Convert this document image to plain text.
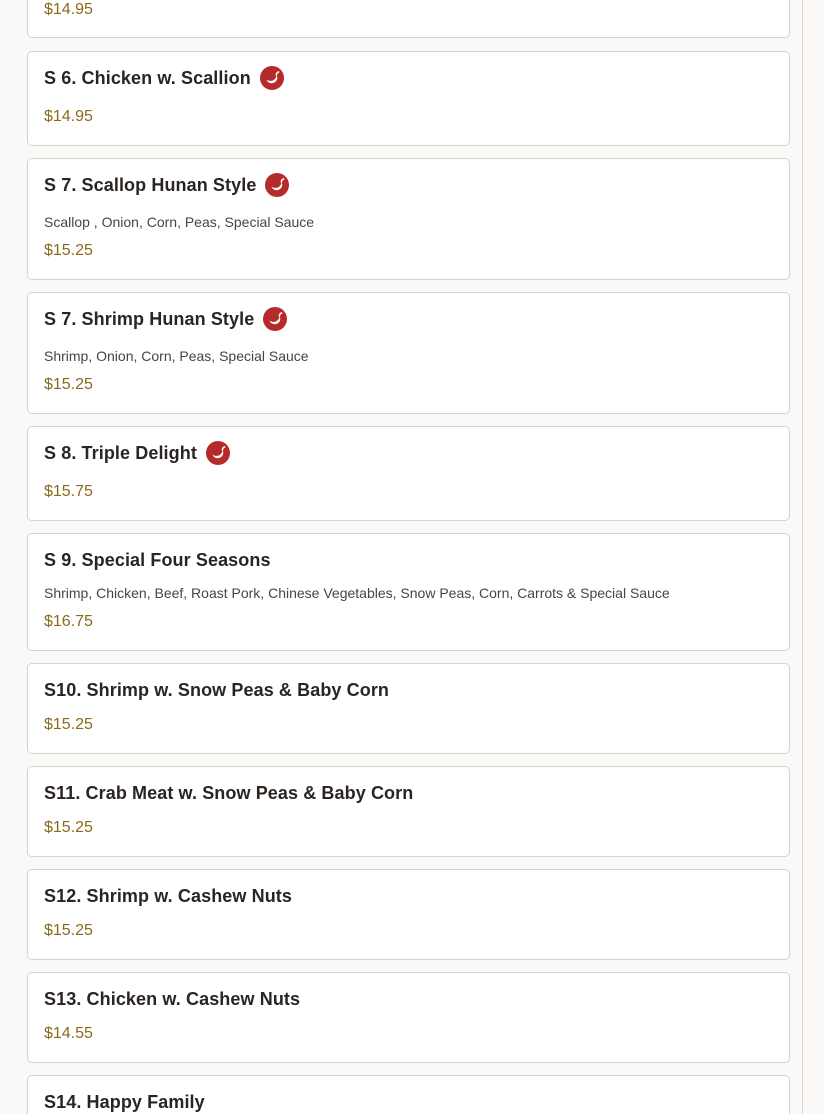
$14.95
S 6. Chicken w. Scallion
$14.95
S 7. Scallop Hunan Style
Scallop , Onion, Corn, Peas, Special Sauce
$15.25
S 7. Shrimp Hunan Style
Shrimp, Onion, Corn, Peas, Special Sauce
$15.25
S 8. Triple Delight
$15.75
S 9. Special Four Seasons
Shrimp, Chicken, Beef, Roast Pork, Chinese Vegetables, Snow Peas, Corn, Carrots & Special Sauce
$16.75
S10. Shrimp w. Snow Peas & Baby Corn
$15.25
S11. Crab Meat w. Snow Peas & Baby Corn
$15.25
S12. Shrimp w. Cashew Nuts
$15.25
S13. Chicken w. Cashew Nuts
$14.55
S14. Happy Family
